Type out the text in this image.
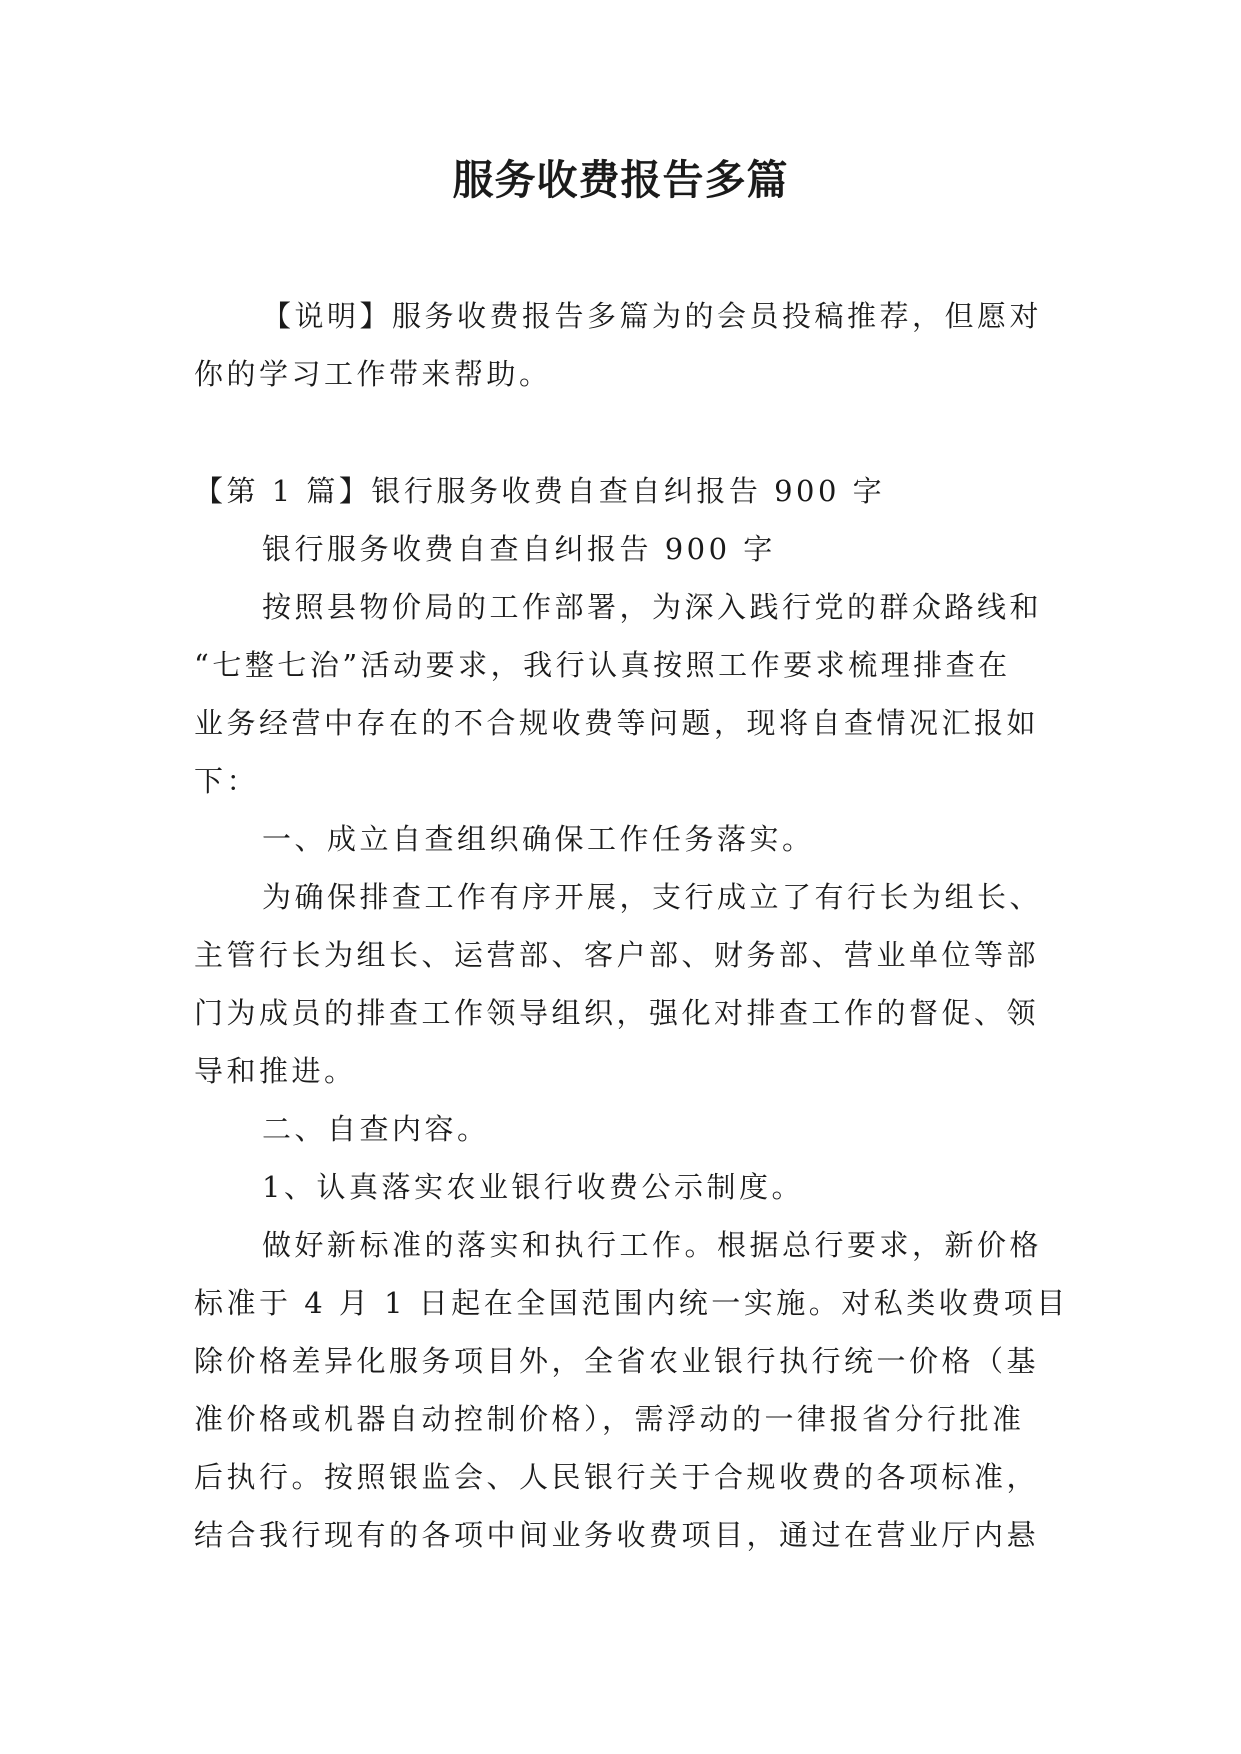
服务收费报告多篇

【说明】服务收费报告多篇为的会员投稿推荐，但愿对

你的学习工作带来帮助。

【第 1 篇】银行服务收费自查自纠报告 900 字

银行服务收费自查自纠报告 900 字

按照县物价局的工作部署，为深入践行党的群众路线和

“七整七治”活动要求，我行认真按照工作要求梳理排查在

业务经营中存在的不合规收费等问题，现将自查情况汇报如

下：

一、成立自查组织确保工作任务落实。

为确保排查工作有序开展，支行成立了有行长为组长、

主管行长为组长、运营部、客户部、财务部、营业单位等部

门为成员的排查工作领导组织，强化对排查工作的督促、领

导和推进。

二、自查内容。

1、认真落实农业银行收费公示制度。

做好新标准的落实和执行工作。根据总行要求，新价格

标准于 4 月 1 日起在全国范围内统一实施。对私类收费项目

除价格差异化服务项目外，全省农业银行执行统一价格（基

准价格或机器自动控制价格），需浮动的一律报省分行批准

后执行。按照银监会、人民银行关于合规收费的各项标准，

结合我行现有的各项中间业务收费项目，通过在营业厅内悬
